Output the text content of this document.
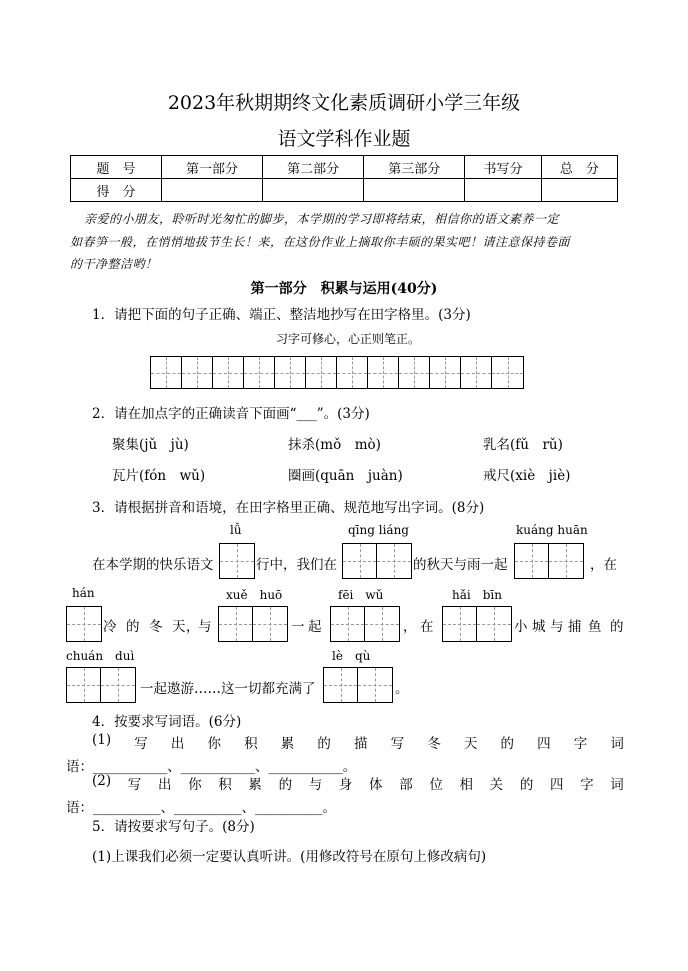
2023年秋期期终文化素质调研小学三年级
语文学科作业题
题　号	第一部分	第二部分	第三部分	书写分	总　分
得　分					
亲爱的小朋友，聆听时光匆忙的脚步，本学期的学习即将结束，相信你的语文素养一定
如春笋一般，在悄悄地拔节生长！来，在这份作业上摘取你丰硕的果实吧！请注意保持卷面
的干净整洁哟！
第一部分　积累与运用(40分)
1．请把下面的句子正确、端正、整洁地抄写在田字格里。(3分)
习字可修心，心正则笔正。
2．请在加点字的正确读音下面画“___”。(3分)
聚集(jǔ　jù)	抹杀(mǒ　mò)	乳名(fǔ　rǔ)
瓦片(fón　wǔ)	圈画(quān　juàn)	戒尺(xiè　jiè)
3．请根据拼音和语境，在田字格里正确、规范地写出字词。(8分)
lǚ	qīng liáng	kuáng huān
在本学期的快乐语文	行中，我们在	的秋天与雨一起	，在
hán	xuě　huō	fēi　wǔ	hǎi　bīn
冷 的 冬 天 ，
与	一 起	， 在	小 城 与 捕 鱼 的
chuán　duì	lè　qù
一起遨游……这一切都充满了	。
4．按要求写词语。(6分)
(1) 写 出 你 积 累 的 描 写 冬 天 的 四 字 词
语：___________、___________、___________。
(2) 写 出 你 积 累 的 与 身 体 部 位 相 关 的 四 字 词
语：__________、__________、__________。
5．请按要求写句子。(8分)
(1)上课我们必须一定要认真听讲。(用修改符号在原句上修改病句)
